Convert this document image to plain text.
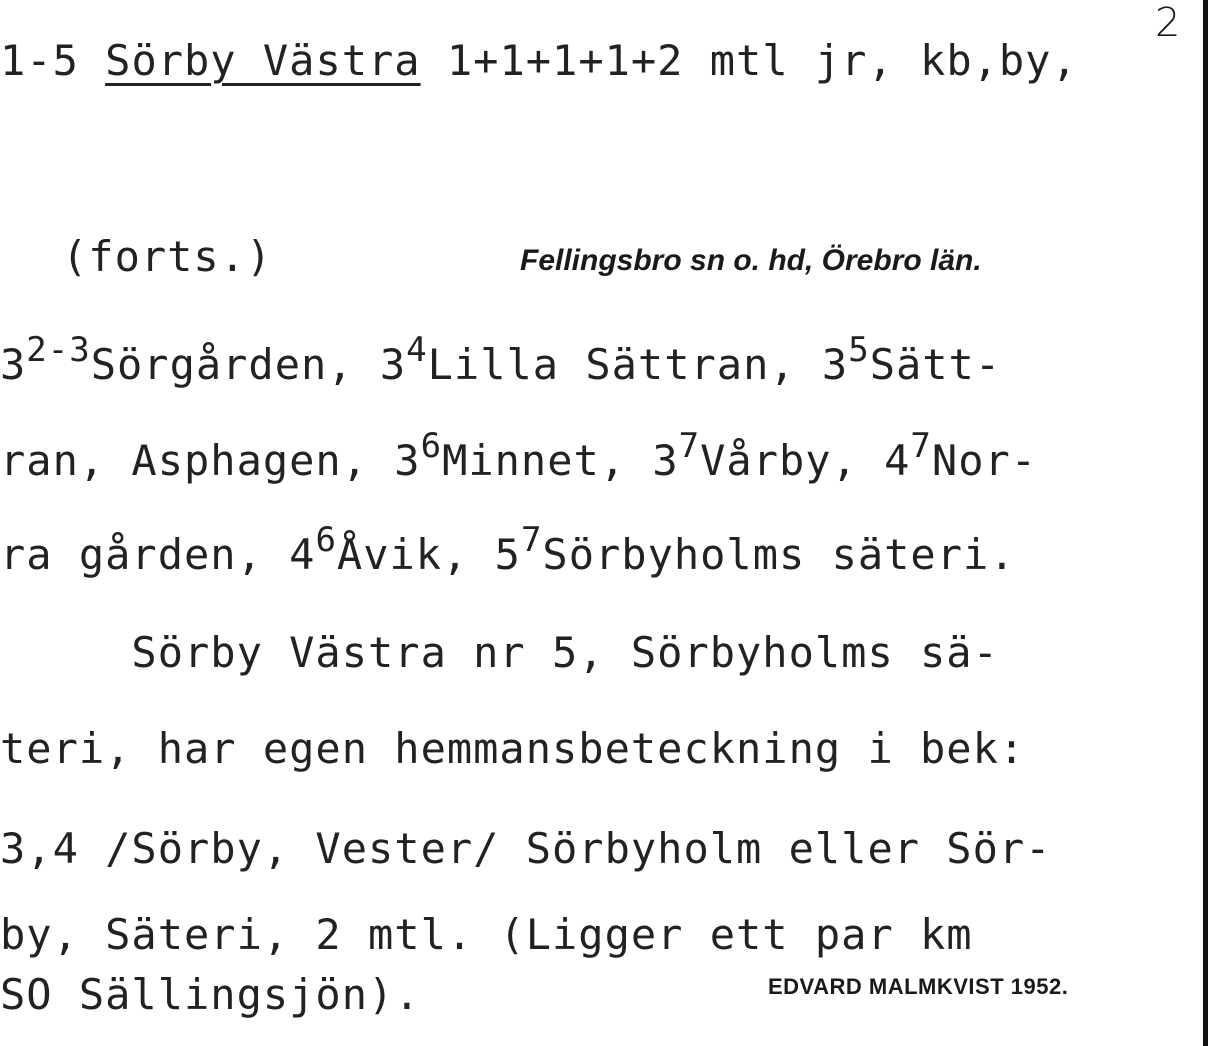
2
1-5 Sörby Västra 1+1+1+1+2 mtl jr, kb,by,
(forts.)	Fellingsbro sn o. hd, Örebro län.
3$^{2-3}$Sörgården, $3^4Lilla$ Sättran, $3^5Sätt-$
ran, Asphagen, $3^6Minnet$, $3^7Vårby$, $4^7Nor-$
ra gården, $4^6Åvik$, $5^7Sörbyholms$ säteri.
Sörby Västra nr 5, Sörbyholms sä-
teri, har egen hemmansbeteckning i bek:
3,4 /Sörby, Vester/ Sörbyholm eller Sör-
by, Säteri, 2 mtl. (Ligger ett par km
SO Sällingsjön).	EDVARD MALMKVIST 1952.
